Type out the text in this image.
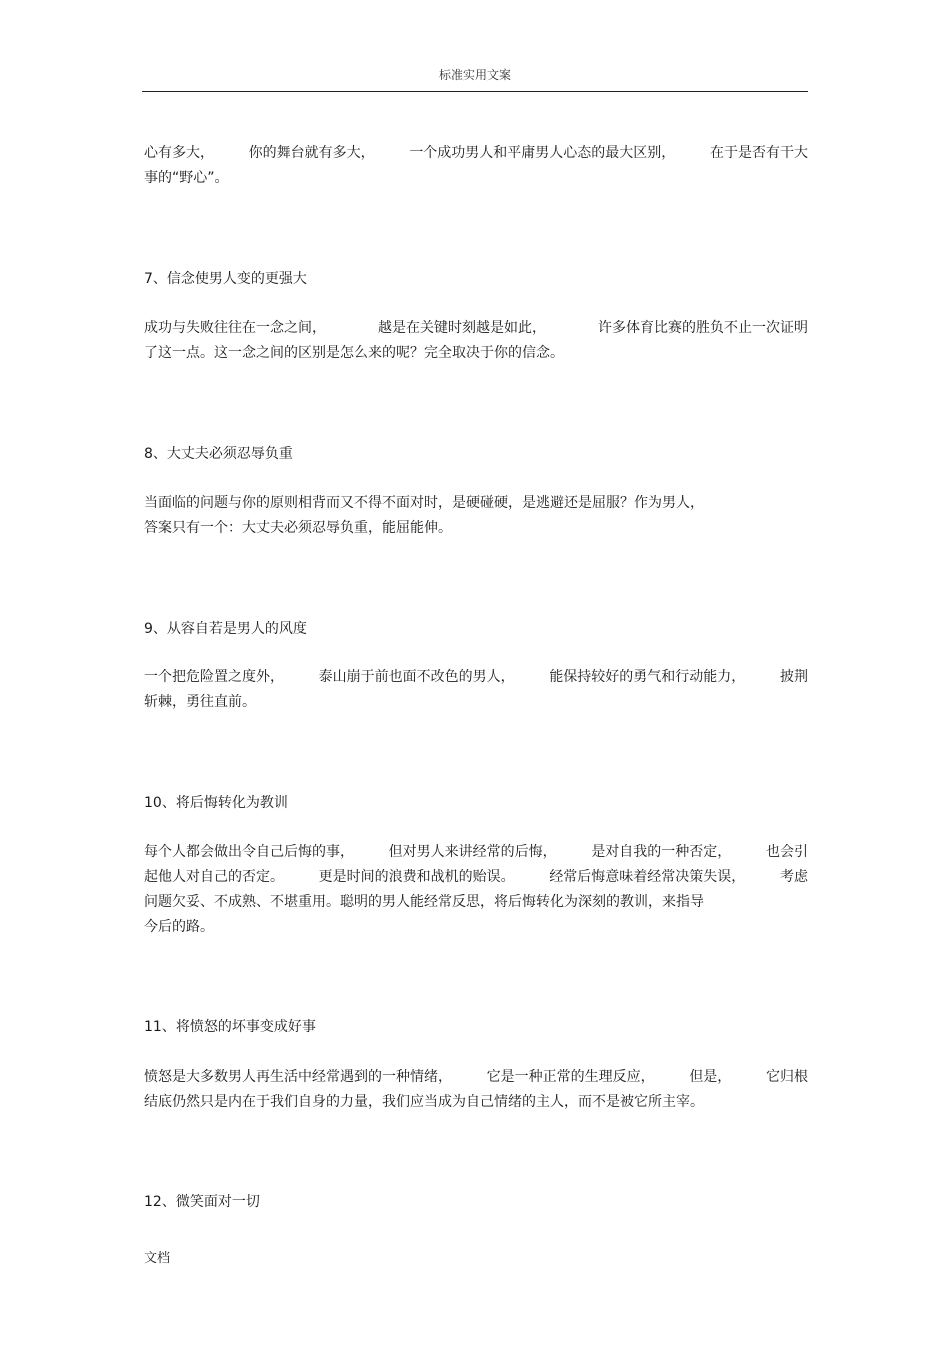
标准实用文案
心有多大， 你的舞台就有多大， 一个成功男人和平庸男人心态的最大区别， 在于是否有干大
事的“野心”。
7、信念使男人变的更强大
成功与失败往往在一念之间，	越是在关键时刻越是如此，	许多体育比赛的胜负不止一次证明
了这一点。这一念之间的区别是怎么来的呢？完全取决于你的信念。
8、大丈夫必须忍辱负重
当面临的问题与你的原则相背而又不得不面对时，是硬碰硬，是逃避还是屈服？作为男人，
答案只有一个：大丈夫必须忍辱负重，能屈能伸。
9、从容自若是男人的风度
一个把危险置之度外， 泰山崩于前也面不改色的男人， 能保持较好的勇气和行动能力， 披荆
斩棘，勇往直前。
10、将后悔转化为教训
每个人都会做出令自己后悔的事， 但对男人来讲经常的后悔， 是对自我的一种否定， 也会引
起他人对自己的否定。 更是时间的浪费和战机的贻误。 经常后悔意味着经常决策失误， 考虑
问题欠妥、不成熟、不堪重用。聪明的男人能经常反思，将后悔转化为深刻的教训，来指导
今后的路。
11、将愤怒的坏事变成好事
愤怒是大多数男人再生活中经常遇到的一种情绪， 它是一种正常的生理反应， 但是， 它归根
结底仍然只是内在于我们自身的力量，我们应当成为自己情绪的主人，而不是被它所主宰。
12、微笑面对一切
文档
